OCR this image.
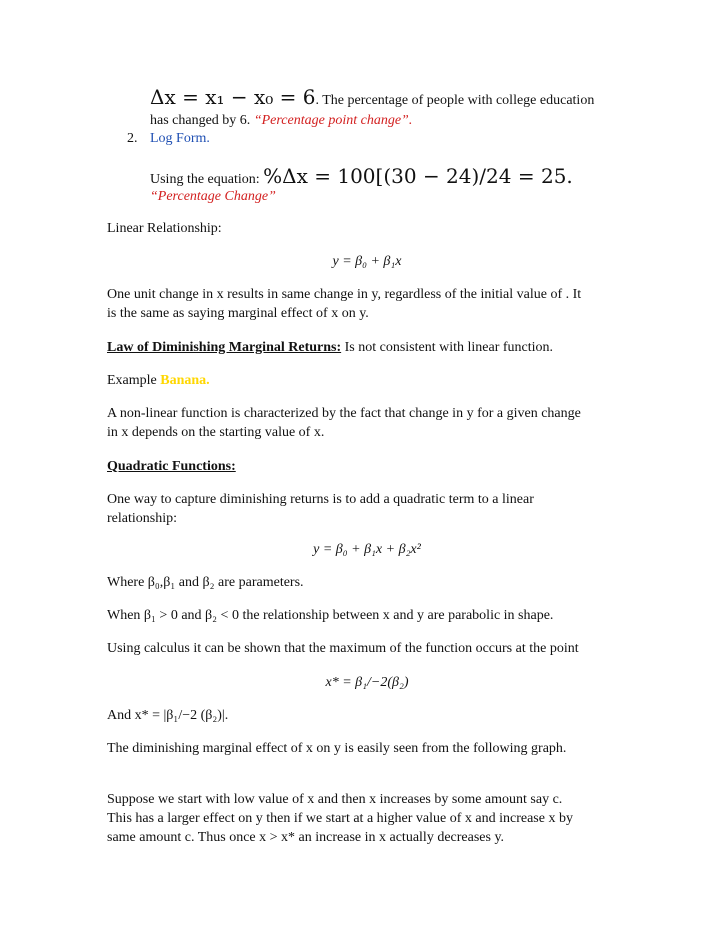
Δx = x₁ − x₀ = 6. The percentage of people with college education
has changed by 6. “Percentage point change”.
2. Log Form.
Using the equation: %Δx = 100[(30 − 24)/24 = 25.
“Percentage Change”
Linear Relationship:
y = β₀ + β₁x
One unit change in x results in same change in y, regardless of the initial value of . It
is the same as saying marginal effect of x on y.
Law of Diminishing Marginal Returns: Is not consistent with linear function.
Example Banana.
A non-linear function is characterized by the fact that change in y for a given change
in x depends on the starting value of x.
Quadratic Functions:
One way to capture diminishing returns is to add a quadratic term to a linear
relationship:
y = β₀ + β₁x + β₂x²
Where β₀,β₁ and β₂ are parameters.
When β₁ > 0 and β₂ < 0 the relationship between x and y are parabolic in shape.
Using calculus it can be shown that the maximum of the function occurs at the point
x* = β₁/−2(β₂)
And x* = |β₁/−2 (β₂)|.
The diminishing marginal effect of x on y is easily seen from the following graph.
Suppose we start with low value of x and then x increases by some amount say c.
This has a larger effect on y then if we start at a higher value of x and increase x by
same amount c. Thus once x > x* an increase in x actually decreases y.
